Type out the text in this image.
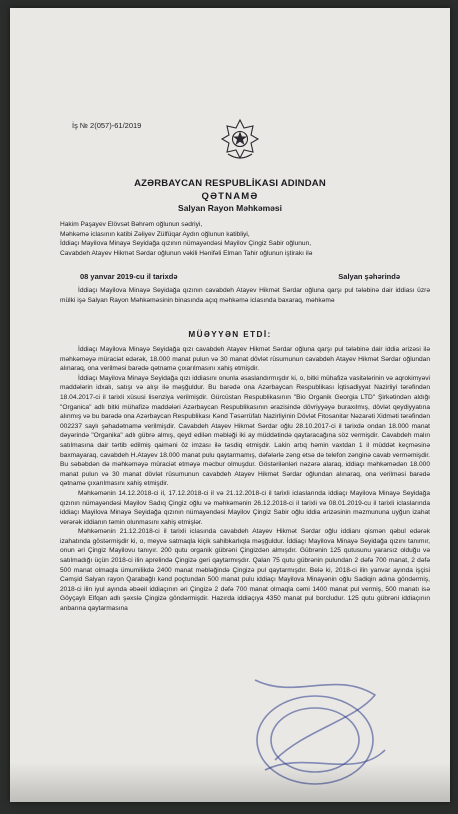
İş № 2(057)-61/2019
AZƏRBAYCAN RESPUBLİKASI ADINDAN
QƏTNAMƏ
Salyan Rayon Məhkəməsi
Hakim Paşayev Elövsət Bəhrəm oğlunun sədriyi,
Məhkəmə iclasının katibi Zəliyev Zülfüqar Aydın oğlunun katibliyi,
İddiaçı Mayilova Minayə Seyidağa qızının nümayəndəsi Mayilov Çingiz Sabir oğlunun,
Cavabdeh Atayev Hikmət Sərdar oğlunun vəkili Hənifəli Elman Tahir oğlunun iştirakı ilə
08 yanvar 2019-cu il tarixdə	Salyan şəhərində
İddiaçı Mayilova Minayə Seyidağa qızının cavabdeh Atayev Hikmət Sərdar oğluna qarşı pul tələbinə dair iddiası üzrə mülki işə Salyan Rayon Məhkəməsinin binasında açıq məhkəmə iclasında baxaraq, məhkəmə
MÜƏYYƏN ETDİ:
İddiaçı Mayilova Minayə Seyidağa qızı cavabdeh Atayev Hikmət Sərdar oğluna qarşı pul tələbinə dair iddia ərizəsi ilə məhkəməyə müraciət edərək, 18.000 manat pulun və 30 manat dövlət rüsumunun cavabdeh Atayev Hikmət Sərdar oğlundan alınaraq, ona verilməsi barədə qətnamə çıxarılmasını xahiş etmişdir.
İddiaçı Mayilova Minayə Seyidağa qızı iddiasını onunla əsaslandırmışdır ki, o, bitki mühafizə vasitələrinin və aqrokimyəvi maddələrin idxalı, satışı və alışı ilə məşğuldur. Bu barədə ona Azərbaycan Respublikası İqtisadiyyat Nazirliyi tərəfindən 18.04.2017-ci il tarixli xüsusi lisenziya verilmişdir. Gürcüstan Respublikasının "Bio Organik Georgia LTD" Şirkətindən aldığı "Organica" adlı bitki mühafizə maddələri Azərbaycan Respublikasının ərazisində dövriyyəyə buraxılmış, dövlət qeydiyyatına alınmış və bu barədə ona Azərbaycan Respublikası Kənd Təsərrüfatı Nazirliyinin Dövlət Fitosanitar Nəzarəti Xidməti tərəfindən 002237 saylı şəhadətnamə verilmişdir. Cavabdeh Atayev Hikmət Sərdar oğlu 28.10.2017-ci il tarixdə ondan 18.000 manat dəyərində "Organika" adlı gübrə almış, qeyd edilən məbləği iki ay müddətində qaytaracağına söz vermişdir. Cavabdeh malın satılmasına dair tərtib edilmiş qaiməni öz imzası ilə təsdiq etmişdir. Lakin artıq həmin vaxtdan 1 il müddət keçməsinə baxmayaraq, cavabdeh H.Atayev 18.000 manat pulu qaytarmamış, dəfələrlə zəng etsə də telefon zənginə cavab verməmişdir. Bu səbəbdən də məhkəməyə müraciət etməyə məcbur olmuşdur. Göstərilənləri nəzərə alaraq, iddiaçı məhkəmədən 18.000 manat pulun və 30 manat dövlət rüsumunun cavabdeh Atayev Hikmət Sərdar oğlundan alınaraq, ona verilməsi barədə qətnamə çıxarılmasını xahiş etmişdir.
Məhkəmənin 14.12.2018-ci il, 17.12.2018-ci il və 21.12.2018-ci il tarixli iclaslarında iddiaçı Mayilova Minayə Seyidağa qızının nümayəndəsi Mayilov Sadıq Çingiz oğlu və məhkəmənin 26.12.2018-ci il tarixli və 08.01.2019-cu il tarixli iclaslarında iddiaçı Mayilova Minayə Seyidağa qızının nümayəndəsi Mayilov Çingiz Sabir oğlu iddia ərizəsinin məzmununa uyğun izahat verərək iddianın təmin olunmasını xahiş etmişlər.
Məhkəmənin 21.12.2018-ci il tarixli iclasında cavabdeh Atayev Hikmət Sərdar oğlu iddianı qismən qəbul edərək izahatında göstərmişdir ki, o, meyvə satmaqla kiçik sahibkarlıqla məşğuldur. İddiaçı Mayilova Minayə Seyidağa qızını tanımır, onun əri Çingiz Mayilovu tanıyır. 200 qutu organik gübrəni Çingizdən almışdır. Gübrənin 125 qutusunu yararsız olduğu və satılmadığı üçün 2018-ci ilin aprelində Çingizə geri qaytarmışdır. Qalan 75 qutu gübrənin pulundan 2 dəfə 700 manat, 2 dəfə 500 manat olmaqla ümumilikdə 2400 manat məbləğində Çingizə pul qaytarmışdır. Belə ki, 2018-ci ilin yanvar ayında işçisi Cəmşid Salyan rayon Qarabağlı kənd poçtundan 500 manat pulu iddiaçı Mayilova Minayənin oğlu Sadiqin adına göndərmiş, 2018-ci ilin iyul ayında əbəeil iddiaçının əri Çingizə 2 dəfə 700 manat olmaqla cəmi 1400 manat pul vermiş, 500 manatı isə Göyçaylı Elfqan adlı şəxslə Çingizə göndərmişdir. Hazırda iddiaçıya 4350 manat pul borcludur. 125 qutu gübrəni iddiaçının anbarına qaytarmasına
